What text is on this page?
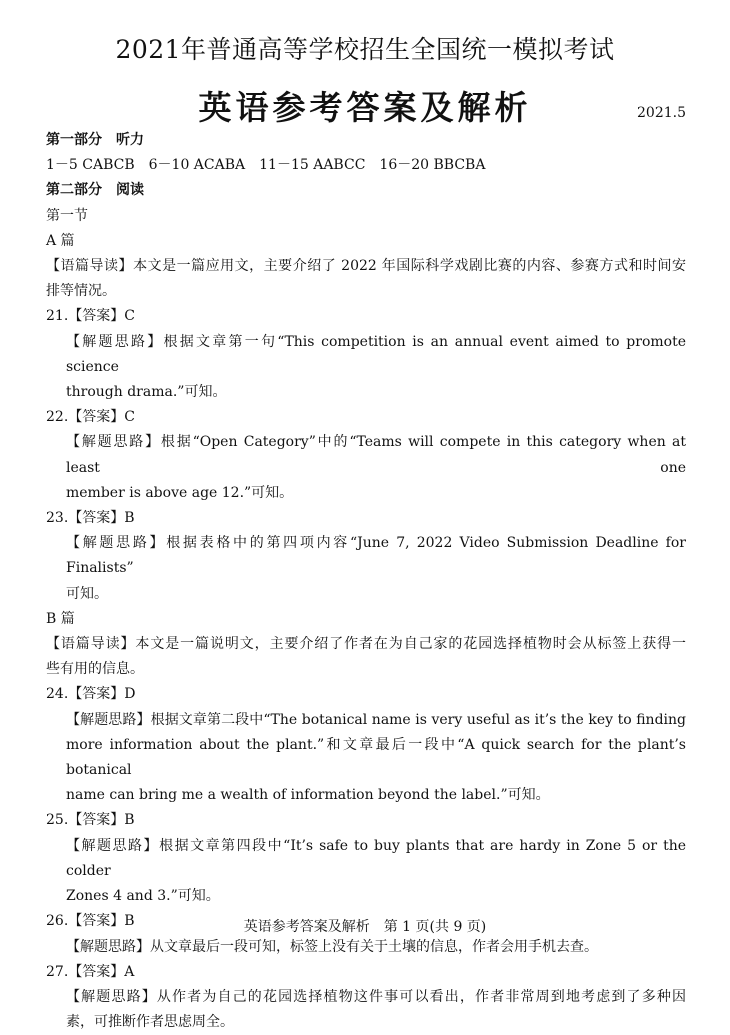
2021年普通高等学校招生全国统一模拟考试
英语参考答案及解析	2021.5
第一部分　听力
1－5 CABCB　6－10 ACABA　11－15 AABCC　16－20 BBCBA
第二部分　阅读
第一节
A 篇
【语篇导读】本文是一篇应用文，主要介绍了 2022 年国际科学戏剧比赛的内容、参赛方式和时间安
排等情况。
21.【答案】C
【解题思路】根据文章第一句“This competition is an annual event aimed to promote science
through drama.”可知。
22.【答案】C
【解题思路】根据“Open Category”中的“Teams will compete in this category when at least one
member is above age 12.”可知。
23.【答案】B
【解题思路】根据表格中的第四项内容“June 7, 2022 Video Submission Deadline for Finalists”
可知。
B 篇
【语篇导读】本文是一篇说明文，主要介绍了作者在为自己家的花园选择植物时会从标签上获得一
些有用的信息。
24.【答案】D
【解题思路】根据文章第二段中“The botanical name is very useful as it’s the key to finding
more information about the plant.”和文章最后一段中“A quick search for the plant’s botanical
name can bring me a wealth of information beyond the label.”可知。
25.【答案】B
【解题思路】根据文章第四段中“It’s safe to buy plants that are hardy in Zone 5 or the colder
Zones 4 and 3.”可知。
26.【答案】B
【解题思路】从文章最后一段可知，标签上没有关于土壤的信息，作者会用手机去查。
27.【答案】A
【解题思路】从作者为自己的花园选择植物这件事可以看出，作者非常周到地考虑到了多种因
素，可推断作者思虑周全。
英语参考答案及解析　第 1 页(共 9 页)
